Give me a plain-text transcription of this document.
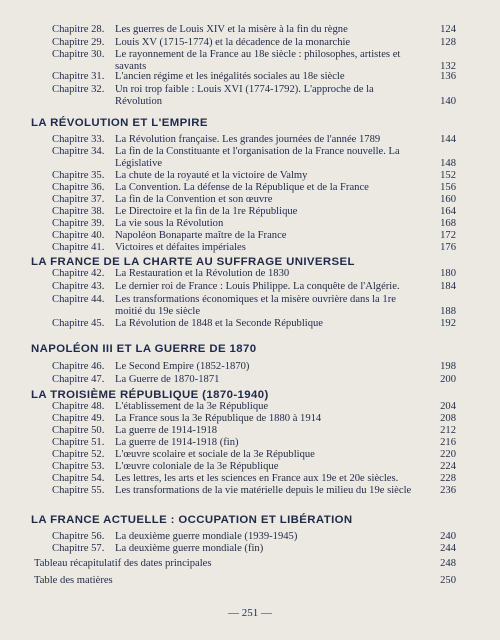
Chapitre 28.	Les guerres de Louis XIV et la misère à la fin du règne	124
Chapitre 29.	Louis XV (1715-1774) et la décadence de la monarchie	128
Chapitre 30.	Le rayonnement de la France au 18e siècle : philosophes, artistes et savants	132
Chapitre 31.	L'ancien régime et les inégalités sociales au 18e siècle	136
Chapitre 32.	Un roi trop faible : Louis XVI (1774-1792). L'approche de la Révolution	140
LA RÉVOLUTION ET L'EMPIRE
Chapitre 33.	La Révolution française. Les grandes journées de l'année 1789	144
Chapitre 34.	La fin de la Constituante et l'organisation de la France nouvelle. La Législative	148
Chapitre 35.	La chute de la royauté et la victoire de Valmy	152
Chapitre 36.	La Convention. La défense de la République et de la France	156
Chapitre 37.	La fin de la Convention et son œuvre	160
Chapitre 38.	Le Directoire et la fin de la 1re République	164
Chapitre 39.	La vie sous la Révolution	168
Chapitre 40.	Napoléon Bonaparte maître de la France	172
Chapitre 41.	Victoires et défaites impériales	176
LA FRANCE DE LA CHARTE AU SUFFRAGE UNIVERSEL
Chapitre 42.	La Restauration et la Révolution de 1830	180
Chapitre 43.	Le dernier roi de France : Louis Philippe. La conquête de l'Algérie.	184
Chapitre 44.	Les transformations économiques et la misère ouvrière dans la 1re moitié du 19e siècle	188
Chapitre 45.	La Révolution de 1848 et la Seconde République	192
NAPOLÉON III ET LA GUERRE DE 1870
Chapitre 46.	Le Second Empire (1852-1870)	198
Chapitre 47.	La Guerre de 1870-1871	200
LA TROISIÈME RÉPUBLIQUE (1870-1940)
Chapitre 48.	L'établissement de la 3e République	204
Chapitre 49.	La France sous la 3e République de 1880 à 1914	208
Chapitre 50.	La guerre de 1914-1918	212
Chapitre 51.	La guerre de 1914-1918 (fin)	216
Chapitre 52.	L'œuvre scolaire et sociale de la 3e République	220
Chapitre 53.	L'œuvre coloniale de la 3e République	224
Chapitre 54.	Les lettres, les arts et les sciences en France aux 19e et 20e siècles.	228
Chapitre 55.	Les transformations de la vie matérielle depuis le milieu du 19e siècle	236
LA FRANCE ACTUELLE : OCCUPATION ET LIBÉRATION
Chapitre 56.	La deuxième guerre mondiale (1939-1945)	240
Chapitre 57.	La deuxième guerre mondiale (fin)	244
Tableau récapitulatif des dates principales	248
Table des matières	250
— 251 —
